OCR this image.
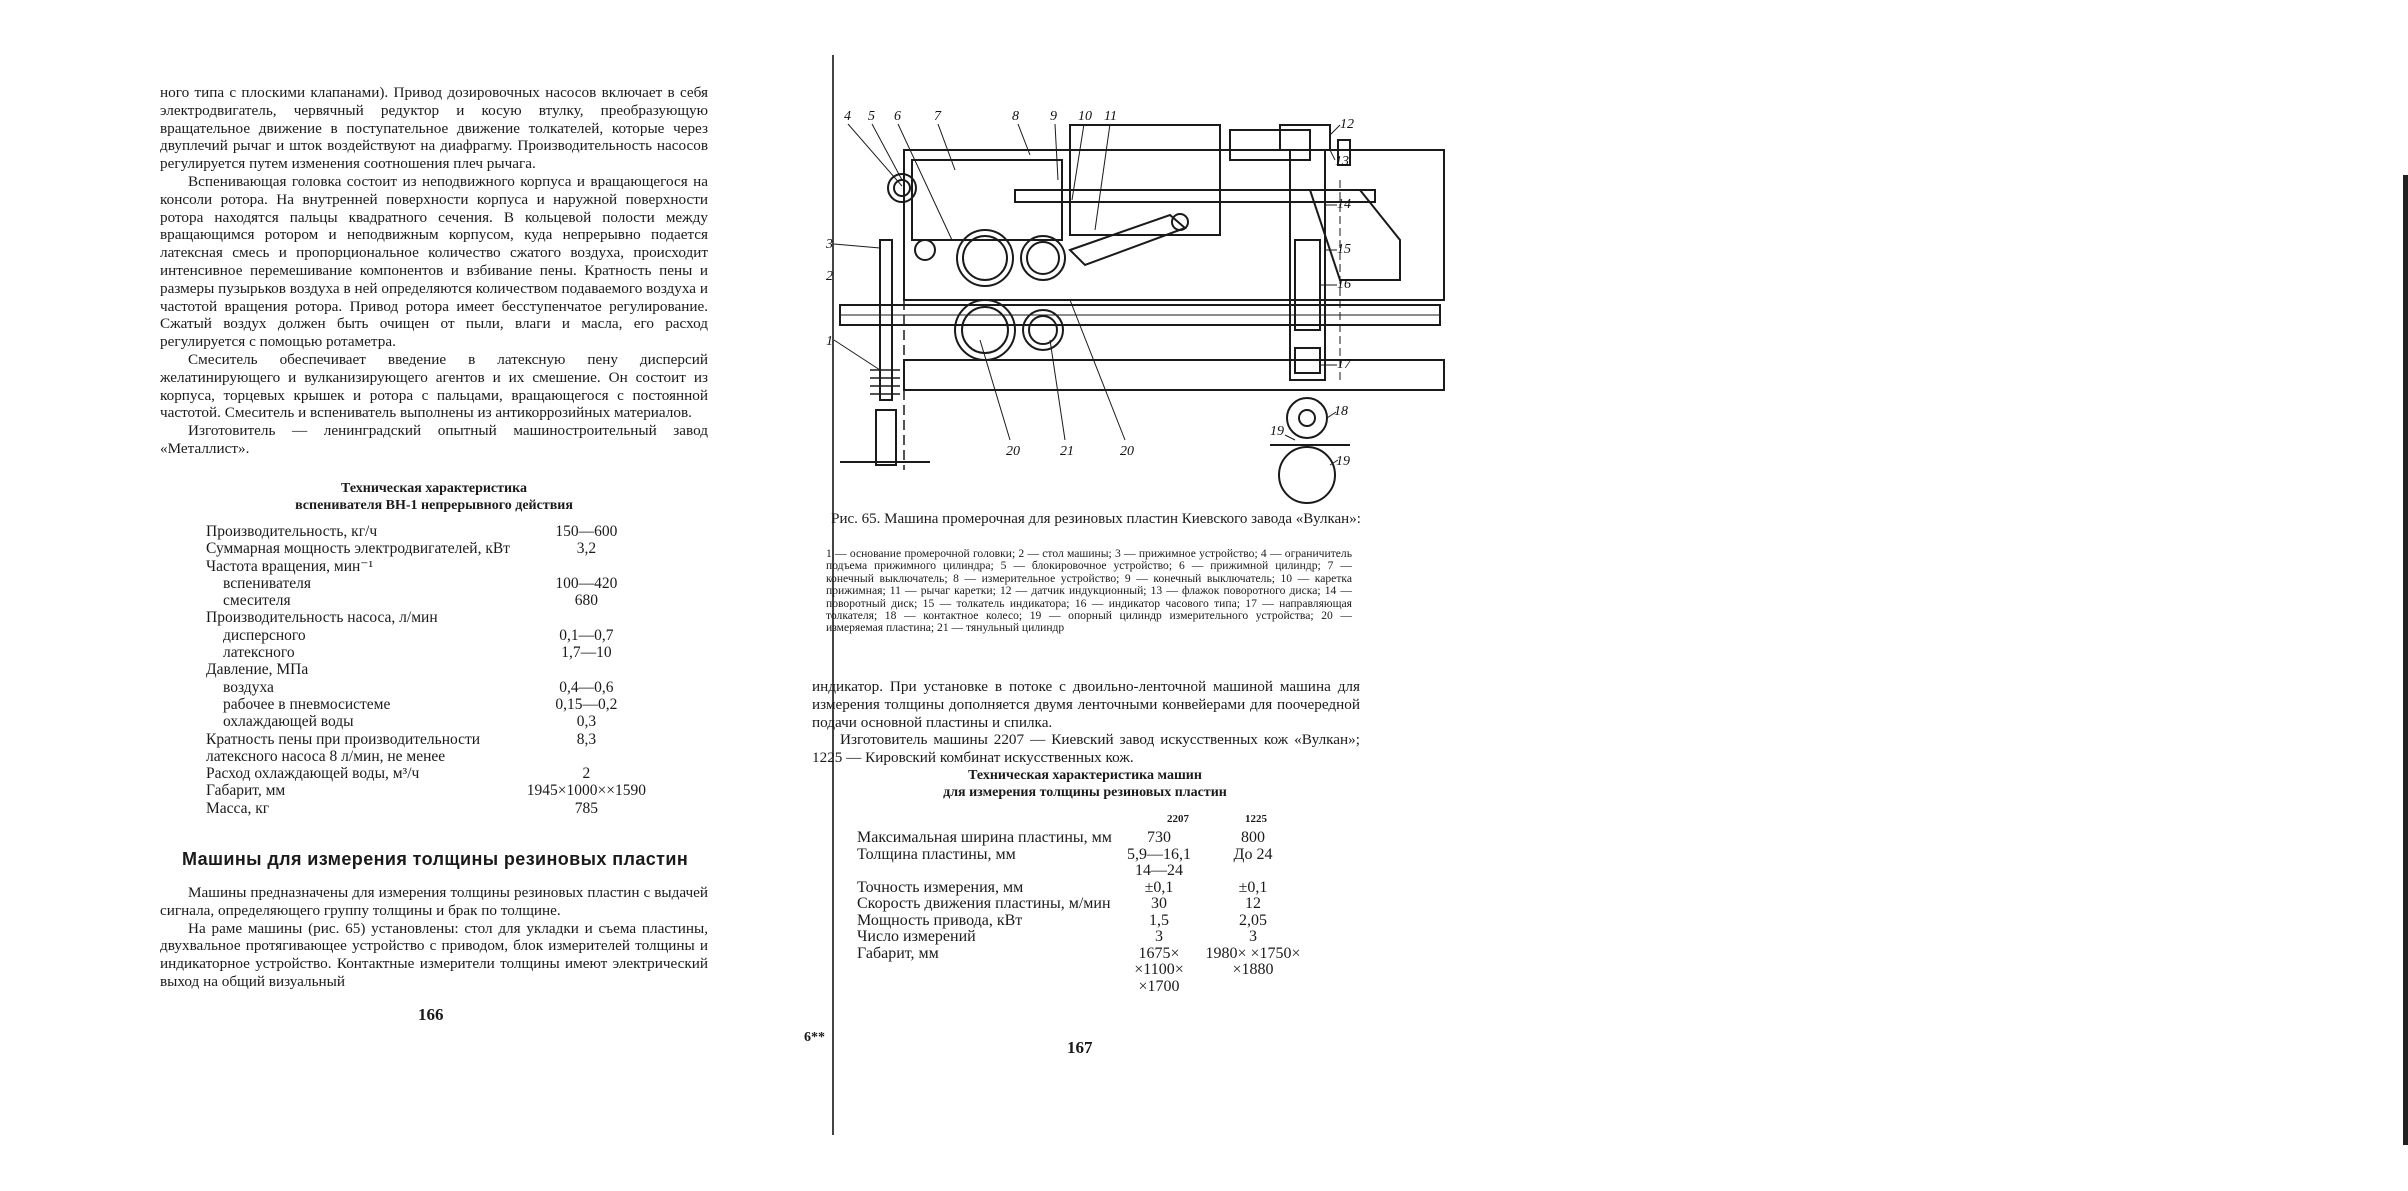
ного типа с плоскими клапанами). Привод дозировочных насосов включает в себя электродвигатель, червячный редуктор и косую втулку, преобразующую вращательное движение в поступательное движение толкателей, которые через двуплечий рычаг и шток воздействуют на диафрагму. Производительность насосов регулируется путем изменения соотношения плеч рычага.

Вспенивающая головка состоит из неподвижного корпуса и вращающегося на консоли ротора. На внутренней поверхности корпуса и наружной поверхности ротора находятся пальцы квадратного сечения. В кольцевой полости между вращающимся ротором и неподвижным корпусом, куда непрерывно подается латексная смесь и пропорциональное количество сжатого воздуха, происходит интенсивное перемешивание компонентов и взбивание пены. Кратность пены и размеры пузырьков воздуха в ней определяются количеством подаваемого воздуха и частотой вращения ротора. Привод ротора имеет бесступенчатое регулирование. Сжатый воздух должен быть очищен от пыли, влаги и масла, его расход регулируется с помощью ротаметра.

Смеситель обеспечивает введение в латексную пену дисперсий желатинирующего и вулканизирующего агентов и их смешение. Он состоит из корпуса, торцевых крышек и ротора с пальцами, вращающегося с постоянной частотой. Смеситель и вспениватель выполнены из антикоррозийных материалов.

Изготовитель — ленинградский опытный машиностроительный завод «Металлист».

Техническая характеристика
вспенивателя ВН-1 непрерывного действия
Производительность, кг/ч	150—600
Суммарная мощность электродвигателей, кВт	3,2
Частота вращения, мин⁻¹	
вспенивателя	100—420
смесителя	680
Производительность насоса, л/мин	
дисперсного	0,1—0,7
латексного	1,7—10
Давление, МПа	
воздуха	0,4—0,6
рабочее в пневмосистеме	0,15—0,2
охлаждающей воды	0,3
Кратность пены при производительности латексного насоса 8 л/мин, не менее	8,3
Расход охлаждающей воды, м³/ч	2
Габарит, мм	1945×1000××1590
Масса, кг	785
Машины для измерения толщины резиновых пластин

Машины предназначены для измерения толщины резиновых пластин с выдачей сигнала, определяющего группу толщины и брак по толщине.

На раме машины (рис. 65) установлены: стол для укладки и съема пластины, двухвальное протягивающее устройство с приводом, блок измерителей толщины и индикаторное устройство. Контактные измерители толщины имеют электрический выход на общий визуальный

166
4 5 6 7	8 9 10 11
12
13
14
15
16
17
18
19
20	21	20
19
3
2
1
Рис. 65. Машина промерочная для резиновых пластин Киевского завода «Вулкан»:
1 — основание промерочной головки; 2 — стол машины; 3 — прижимное устройство; 4 — ограничитель подъема прижимного цилиндра; 5 — блокировочное устройство; 6 — прижимной цилиндр; 7 — конечный выключатель; 8 — измерительное устройство; 9 — конечный выключатель; 10 — каретка прижимная; 11 — рычаг каретки; 12 — датчик индукционный; 13 — флажок поворотного диска; 14 — поворотный диск; 15 — толкатель индикатора; 16 — индикатор часового типа; 17 — направляющая толкателя; 18 — контактное колесо; 19 — опорный цилиндр измерительного устройства; 20 — измеряемая пластина; 21 — тянульный цилиндр

индикатор. При установке в потоке с двоильно-ленточной машиной машина для измерения толщины дополняется двумя ленточными конвейерами для поочередной подачи основной пластины и спилка.

Изготовитель машины 2207 — Киевский завод искусственных кож «Вулкан»; 1225 — Кировский комбинат искусственных кож.

Техническая характеристика машин
для измерения толщины резиновых пластин
2207	1225
Максимальная ширина пластины, мм	730	800
Толщина пластины, мм	5,9—16,1 14—24	До 24
Точность измерения, мм	±0,1	±0,1
Скорость движения пластины, м/мин	30	12
Мощность привода, кВт	1,5	2,05
Число измерений	3	3
Габарит, мм	1675× ×1100× ×1700	1980× ×1750× ×1880
6**
167
